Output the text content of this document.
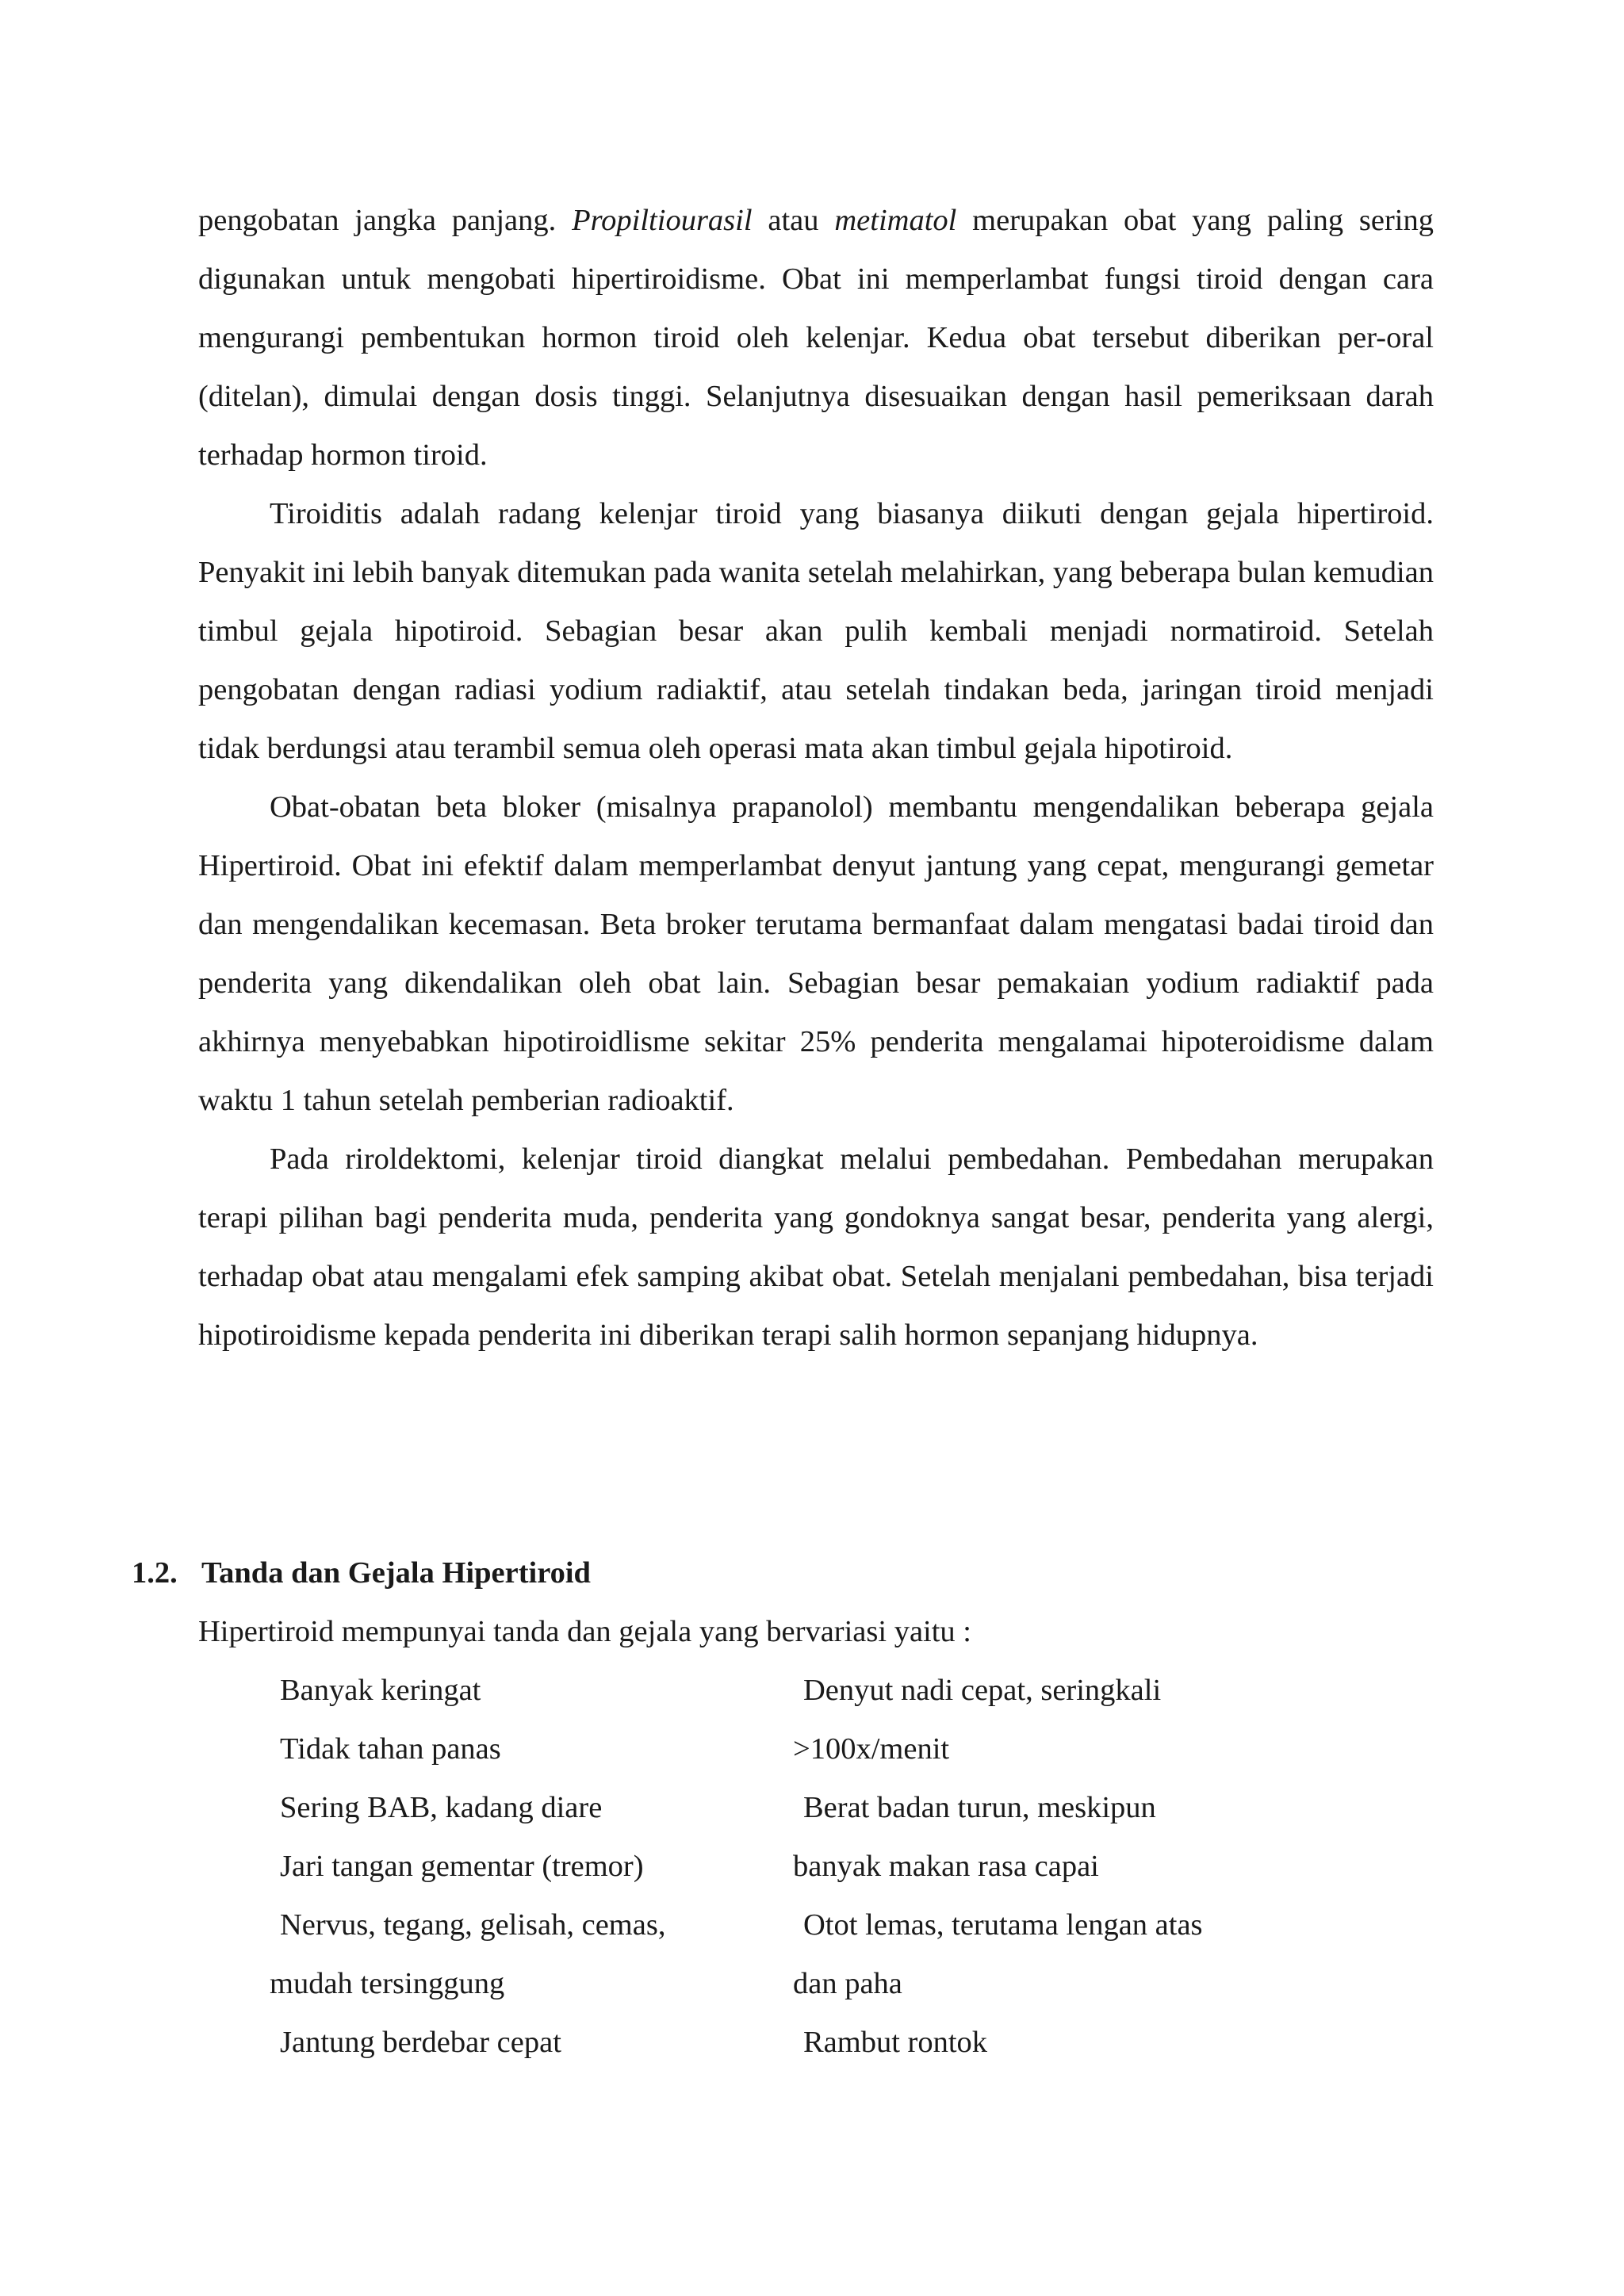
pengobatan jangka panjang. Propiltiourasil atau metimatol merupakan obat yang paling sering digunakan untuk mengobati hipertiroidisme. Obat ini memperlambat fungsi tiroid dengan cara mengurangi pembentukan hormon tiroid oleh kelenjar. Kedua obat tersebut diberikan per-oral (ditelan), dimulai dengan dosis tinggi. Selanjutnya disesuaikan dengan hasil pemeriksaan darah terhadap hormon tiroid.

Tiroiditis adalah radang kelenjar tiroid yang biasanya diikuti dengan gejala hipertiroid. Penyakit ini lebih banyak ditemukan pada wanita setelah melahirkan, yang beberapa bulan kemudian timbul gejala hipotiroid. Sebagian besar akan pulih kembali menjadi normatiroid. Setelah pengobatan dengan radiasi yodium radiaktif, atau setelah tindakan beda, jaringan tiroid menjadi tidak berdungsi atau terambil semua oleh operasi mata akan timbul gejala hipotiroid.

Obat-obatan beta bloker (misalnya prapanolol) membantu mengendalikan beberapa gejala Hipertiroid. Obat ini efektif dalam memperlambat denyut jantung yang cepat, mengurangi gemetar dan mengendalikan kecemasan. Beta broker terutama bermanfaat dalam mengatasi badai tiroid dan penderita yang dikendalikan oleh obat lain. Sebagian besar pemakaian yodium radiaktif pada akhirnya menyebabkan hipotiroidlisme sekitar 25% penderita mengalamai hipoteroidisme dalam waktu 1 tahun setelah pemberian radioaktif.

Pada riroldektomi, kelenjar tiroid diangkat melalui pembedahan. Pembedahan merupakan terapi pilihan bagi penderita muda, penderita yang gondoknya sangat besar, penderita yang alergi, terhadap obat atau mengalami efek samping akibat obat. Setelah menjalani pembedahan, bisa terjadi hipotiroidisme kepada penderita ini diberikan terapi salih hormon sepanjang hidupnya.

1.2. Tanda dan Gejala Hipertiroid
Hipertiroid mempunyai tanda dan gejala yang bervariasi yaitu :
Banyak keringat
Tidak tahan panas
Sering BAB, kadang diare
Jari tangan gementar (tremor)
Nervus, tegang, gelisah, cemas,
mudah tersinggung
Jantung berdebar cepat
Denyut nadi cepat, seringkali
>100x/menit
Berat badan turun, meskipun
banyak makan rasa capai
Otot lemas, terutama lengan atas
dan paha
Rambut rontok
